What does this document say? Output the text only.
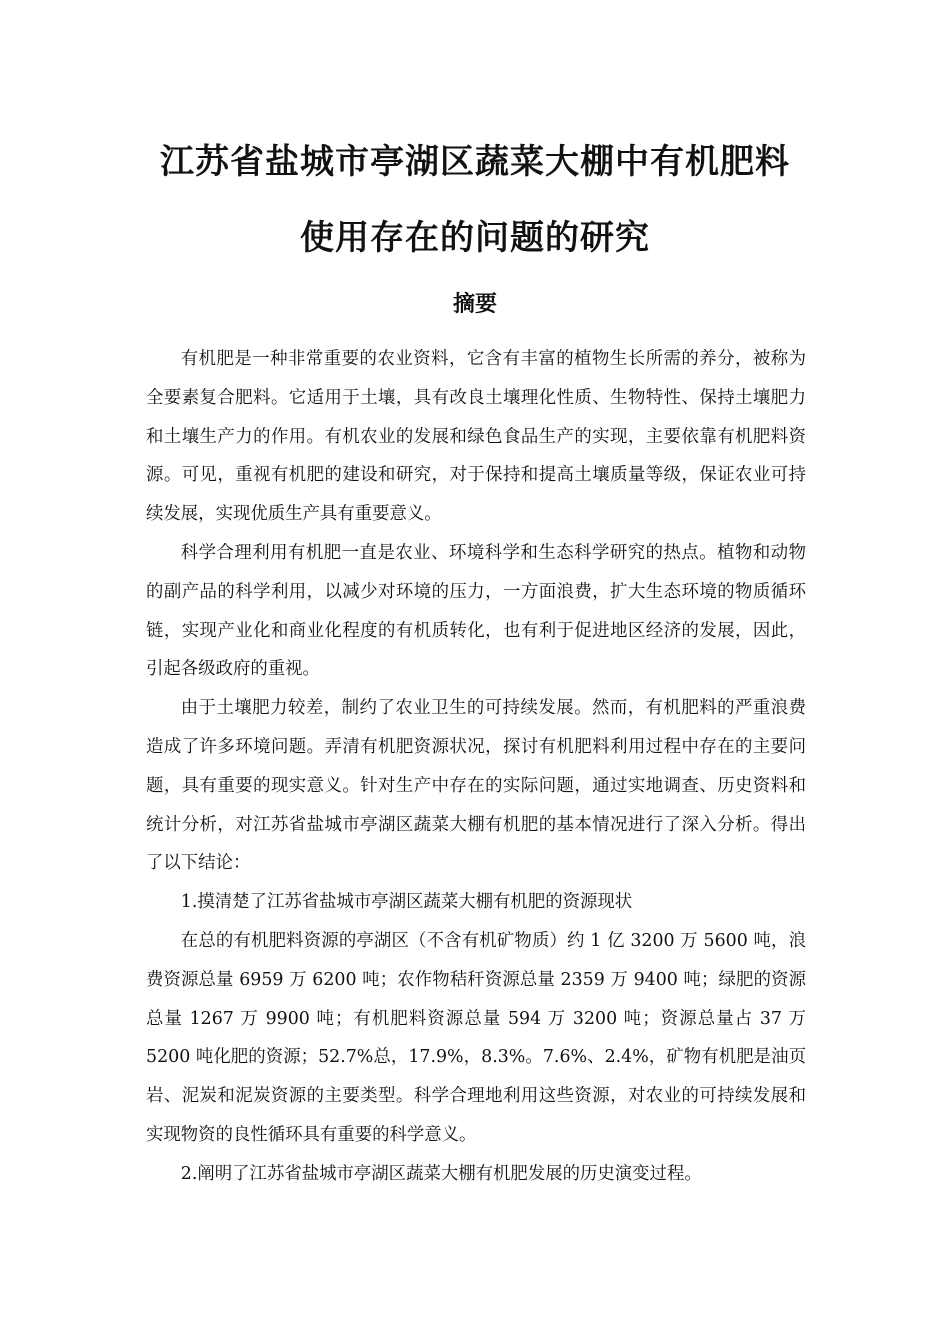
江苏省盐城市亭湖区蔬菜大棚中有机肥料
使用存在的问题的研究
摘要

有机肥是一种非常重要的农业资料，它含有丰富的植物生长所需的养分，被称为全要素复合肥料。它适用于土壤，具有改良土壤理化性质、生物特性、保持土壤肥力和土壤生产力的作用。有机农业的发展和绿色食品生产的实现，主要依靠有机肥料资源。可见，重视有机肥的建设和研究，对于保持和提高土壤质量等级，保证农业可持续发展，实现优质生产具有重要意义。

科学合理利用有机肥一直是农业、环境科学和生态科学研究的热点。植物和动物的副产品的科学利用，以减少对环境的压力，一方面浪费，扩大生态环境的物质循环链，实现产业化和商业化程度的有机质转化，也有利于促进地区经济的发展，因此，引起各级政府的重视。

由于土壤肥力较差，制约了农业卫生的可持续发展。然而，有机肥料的严重浪费造成了许多环境问题。弄清有机肥资源状况，探讨有机肥料利用过程中存在的主要问题，具有重要的现实意义。针对生产中存在的实际问题，通过实地调查、历史资料和统计分析，对江苏省盐城市亭湖区蔬菜大棚有机肥的基本情况进行了深入分析。得出了以下结论：

1.摸清楚了江苏省盐城市亭湖区蔬菜大棚有机肥的资源现状

在总的有机肥料资源的亭湖区（不含有机矿物质）约 1 亿 3200 万 5600 吨，浪费资源总量 6959 万 6200 吨；农作物秸秆资源总量 2359 万 9400 吨；绿肥的资源总量 1267 万 9900 吨；有机肥料资源总量 594 万 3200 吨；资源总量占 37 万 5200 吨化肥的资源；52.7%总，17.9%，8.3%。7.6%、2.4%，矿物有机肥是油页岩、泥炭和泥炭资源的主要类型。科学合理地利用这些资源，对农业的可持续发展和实现物资的良性循环具有重要的科学意义。

2.阐明了江苏省盐城市亭湖区蔬菜大棚有机肥发展的历史演变过程。
